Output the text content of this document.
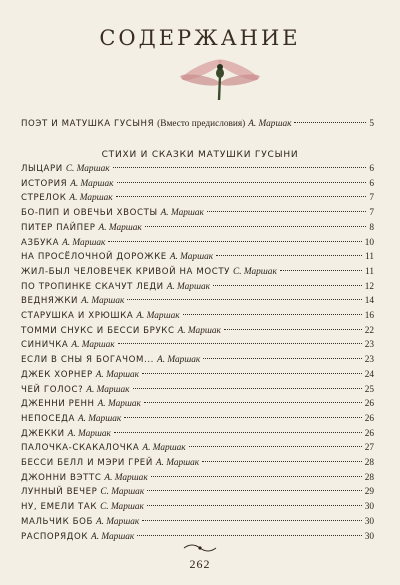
СОДЕРЖАНИЕ
ПОЭТ И МАТУШКА ГУСЫНЯ (Вместо предисловия) А. Маршак	5
СТИХИ И СКАЗКИ МАТУШКИ ГУСЫНИ
ЛЫЦАРИ С. Маршак	6
ИСТОРИЯ А. Маршак	6
СТРЕЛОК А. Маршак	7
БО-ПИП И ОВЕЧЬИ ХВОСТЫ А. Маршак	7
ПИТЕР ПАЙПЕР А. Маршак	8
АЗБУКА А. Маршак	10
НА ПРОСЁЛОЧНОЙ ДОРОЖКЕ А. Маршак	11
ЖИЛ-БЫЛ ЧЕЛОВЕЧЕК КРИВОЙ НА МОСТУ С. Маршак	11
ПО ТРОПИНКЕ СКАЧУТ ЛЕДИ А. Маршак	12
ВЕДНЯЖКИ А. Маршак	14
СТАРУШКА И ХРЮШКА А. Маршак	16
ТОММИ СНУКС И БЕССИ БРУКС А. Маршак	22
СИНИЧКА А. Маршак	23
ЕСЛИ В СНЫ Я БОГАЧОМ... А. Маршак	23
ДЖЕК ХОРНЕР А. Маршак	24
ЧЕЙ ГОЛОС? А. Маршак	25
ДЖЕННИ РЕНН А. Маршак	26
НЕПОСЕДА А. Маршак	26
ДЖЕККИ А. Маршак	26
ПАЛОЧКА-СКАКАЛОЧКА А. Маршак	27
БЕССИ БЕЛЛ И МЭРИ ГРЕЙ А. Маршак	28
ДЖОННИ ВЭТТС А. Маршак	28
ЛУННЫЙ ВЕЧЕР С. Маршак	29
НУ, ЕМЕЛИ ТАК С. Маршак	30
МАЛЬЧИК БОБ А. Маршак	30
РАСПОРЯДОК А. Маршак	30
262
